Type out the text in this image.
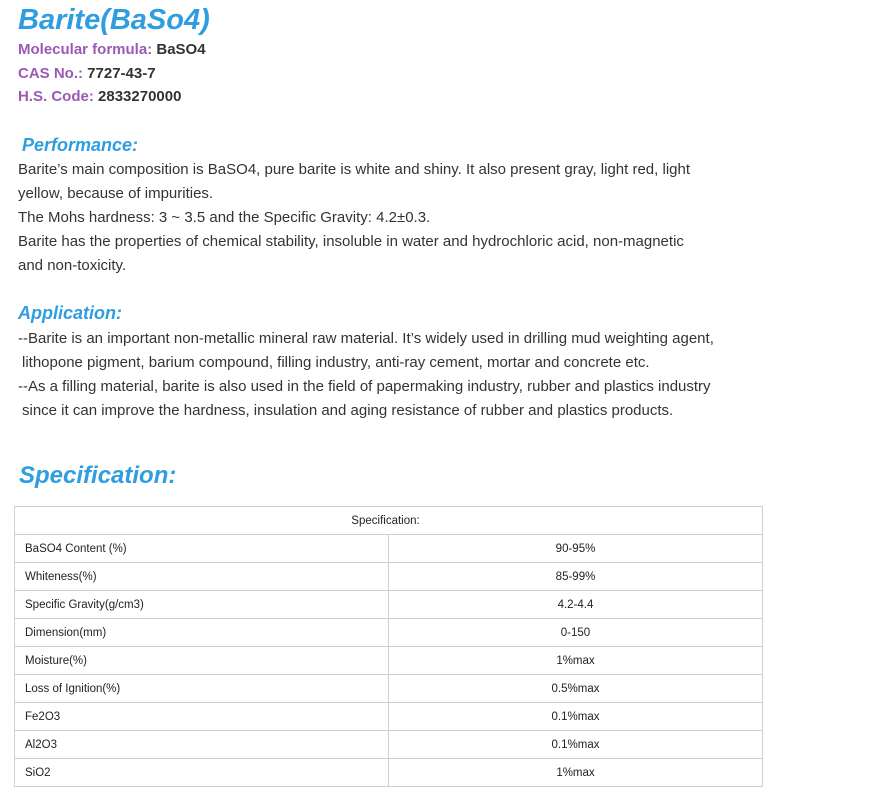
Barite(BaSo4)
Molecular formula: BaSO4
CAS No.: 7727-43-7
H.S. Code: 2833270000
Performance:
Barite’s main composition is BaSO4, pure barite is white and shiny. It also present gray, light red, light
yellow, because of impurities.
The Mohs hardness: 3 ~ 3.5 and the Specific Gravity: 4.2±0.3.
Barite has the properties of chemical stability, insoluble in water and hydrochloric acid, non-magnetic
and non-toxicity.
Application:
--Barite is an important non-metallic mineral raw material. It’s widely used in drilling mud weighting agent,
lithopone pigment, barium compound, filling industry, anti-ray cement, mortar and concrete etc.
--As a filling material, barite is also used in the field of papermaking industry, rubber and plastics industry
since it can improve the hardness, insulation and aging resistance of rubber and plastics products.
Specification:
Specification:	
BaSO4 Content (%)	90-95%
Whiteness(%)	85-99%
Specific Gravity(g/cm3)	4.2-4.4
Dimension(mm)	0-150
Moisture(%)	1%max
Loss of Ignition(%)	0.5%max
Fe2O3	0.1%max
Al2O3	0.1%max
SiO2	1%max
